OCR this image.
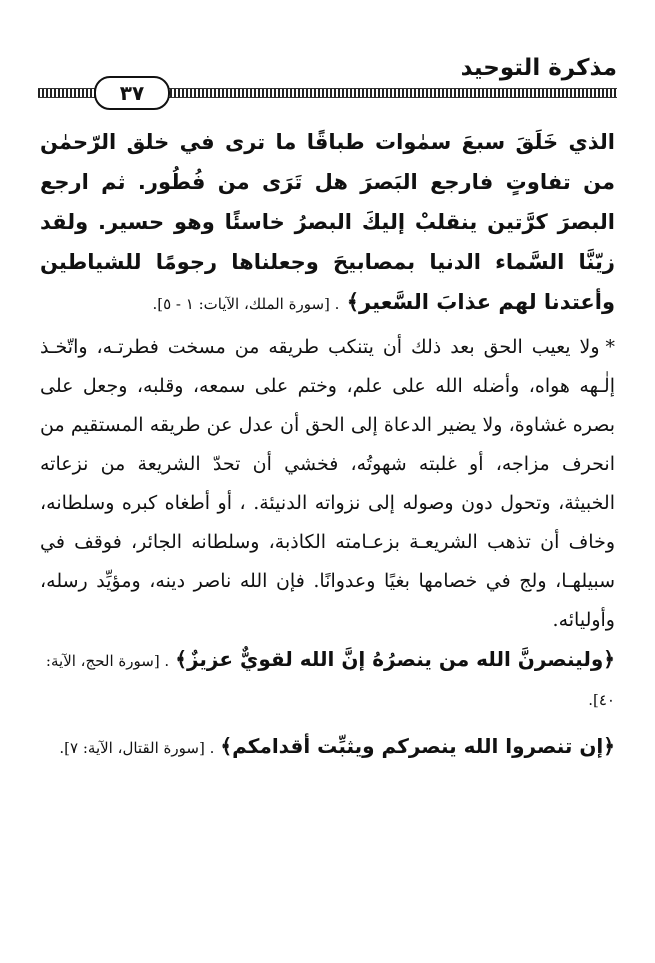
مذكرة التوحيد
٣٧

الذي خَلَقَ سبعَ سمٰوات طباقًا ما ترى في خلق الرّحمٰن من تفاوتٍ فارجع البَصرَ هل تَرَى من فُطُور. ثم ارجع البصرَ كرَّتين ينقلبْ إليكَ البصرُ خاسئًا وهو حسير. ولقد زيّنَّا السَّماء الدنيا بمصابيحَ وجعلناها رجومًا للشياطين وأعتدنا لهم عذابَ السَّعير﴾ . [سورة الملك، الآيات: ١ - ٥].

*ولا يعيب الحق بعد ذلك أن يتنكب طريقه من مسخت فطرتـه، واتّخـذ إلٰـهه هواه، وأضله الله على علم، وختم على سمعه، وقلبه، وجعل على بصره غشاوة، ولا يضير الدعاة إلى الحق أن عدل عن طريقه المستقيم من انحرف مزاجه، أو غلبته شهوتُه، فخشي أن تحدّ الشريعة من نزعاته الخبيثة، وتحول دون وصوله إلى نزواته الدنيئة. ، أو أطغاه كبره وسلطانه، وخاف أن تذهب الشريعـة بزعـامته الكاذبة، وسلطانه الجائر، فوقف في سبيلهـا، ولج في خصامها بغيًا وعدوانًا. فإن الله ناصر دينه، ومؤيِّد رسله، وأوليائه.

﴿ولينصرنَّ الله من ينصرُهُ إنَّ الله لقويٌّ عزيزٌ﴾ . [سورة الحج، الآية: ٤٠].

﴿إن تنصروا الله ينصركم ويثبِّت أقدامكم﴾ . [سورة القتال، الآية: ٧].
